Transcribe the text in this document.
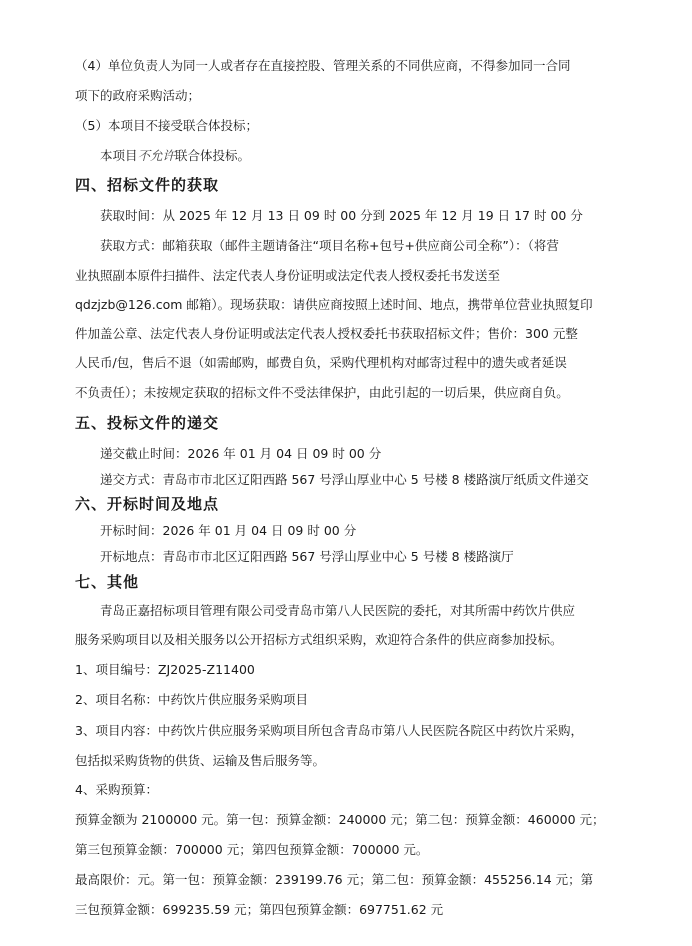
（4）单位负责人为同一人或者存在直接控股、管理关系的不同供应商，不得参加同一合同
项下的政府采购活动；
（5）本项目不接受联合体投标；
本项目不允许联合体投标。
四、招标文件的获取
获取时间：从 2025 年 12 月 13 日 09 时 00 分到 2025 年 12 月 19 日 17 时 00 分
获取方式：邮箱获取（邮件主题请备注“项目名称+包号+供应商公司全称”）：（将营
业执照副本原件扫描件、法定代表人身份证明或法定代表人授权委托书发送至
qdzjzb@126.com 邮箱）。现场获取：请供应商按照上述时间、地点，携带单位营业执照复印
件加盖公章、法定代表人身份证明或法定代表人授权委托书获取招标文件；售价：300 元整
人民币/包，售后不退（如需邮购，邮费自负，采购代理机构对邮寄过程中的遗失或者延误
不负责任）；未按规定获取的招标文件不受法律保护，由此引起的一切后果，供应商自负。
五、投标文件的递交
递交截止时间：2026 年 01 月 04 日 09 时 00 分
递交方式：青岛市市北区辽阳西路 567 号浮山厚业中心 5 号楼 8 楼路演厅纸质文件递交
六、开标时间及地点
开标时间：2026 年 01 月 04 日 09 时 00 分
开标地点：青岛市市北区辽阳西路 567 号浮山厚业中心 5 号楼 8 楼路演厅
七、其他
青岛正嘉招标项目管理有限公司受青岛市第八人民医院的委托，对其所需中药饮片供应
服务采购项目以及相关服务以公开招标方式组织采购，欢迎符合条件的供应商参加投标。
1、项目编号：ZJ2025-Z11400
2、项目名称：中药饮片供应服务采购项目
3、项目内容：中药饮片供应服务采购项目所包含青岛市第八人民医院各院区中药饮片采购，
包括拟采购货物的供货、运输及售后服务等。
4、采购预算：
预算金额为 2100000 元。第一包：预算金额：240000 元；第二包：预算金额：460000 元；
第三包预算金额：700000 元；第四包预算金额：700000 元。
最高限价：元。第一包：预算金额：239199.76 元；第二包：预算金额：455256.14 元；第
三包预算金额：699235.59 元；第四包预算金额：697751.62 元
